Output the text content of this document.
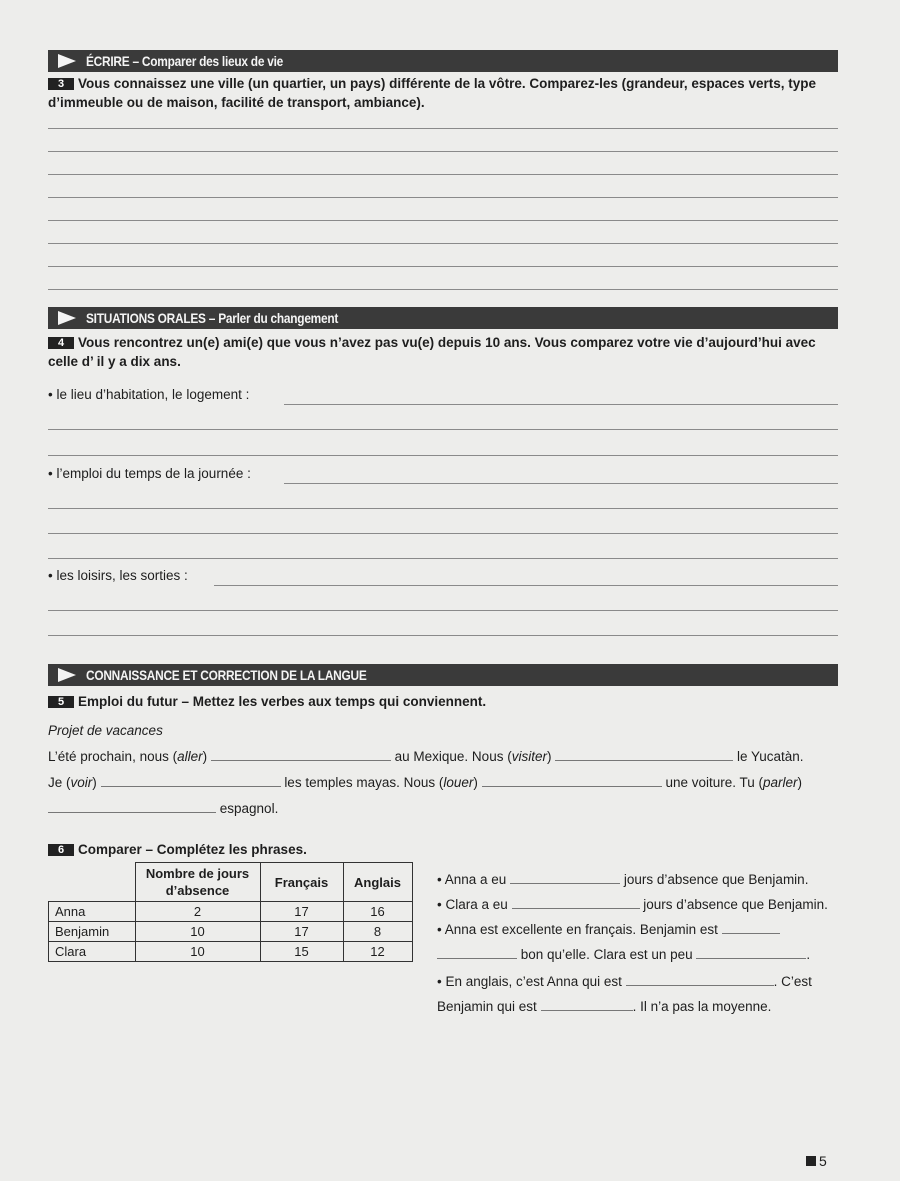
ÉCRIRE – Comparer des lieux de vie
3 Vous connaissez une ville (un quartier, un pays) différente de la vôtre. Comparez-les (grandeur, espaces verts, type d’immeuble ou de maison, facilité de transport, ambiance).
SITUATIONS ORALES – Parler du changement
4 Vous rencontrez un(e) ami(e) que vous n’avez pas vu(e) depuis 10 ans. Vous comparez votre vie d’aujourd’hui avec celle d’ il y a dix ans.
• le lieu d’habitation, le logement :
• l’emploi du temps de la journée :
• les loisirs, les sorties :
CONNAISSANCE ET CORRECTION DE LA LANGUE
5 Emploi du futur – Mettez les verbes aux temps qui conviennent.
Projet de vacances
L’été prochain, nous (aller)	au Mexique. Nous (visiter)	le Yucatàn.
Je (voir)	les temples mayas. Nous (louer)	une voiture. Tu (parler)
espagnol.
6 Comparer – Complétez les phrases.
	Nombre de jours d’absence	Français	Anglais
Anna	2	17	16
Benjamin	10	17	8
Clara	10	15	12
• Anna a eu	jours d’absence que Benjamin.
• Clara a eu	jours d’absence que Benjamin.
• Anna est excellente en français. Benjamin est
bon qu’elle. Clara est un peu	.
• En anglais, c’est Anna qui est	. C’est
Benjamin qui est	. Il n’a pas la moyenne.
5
